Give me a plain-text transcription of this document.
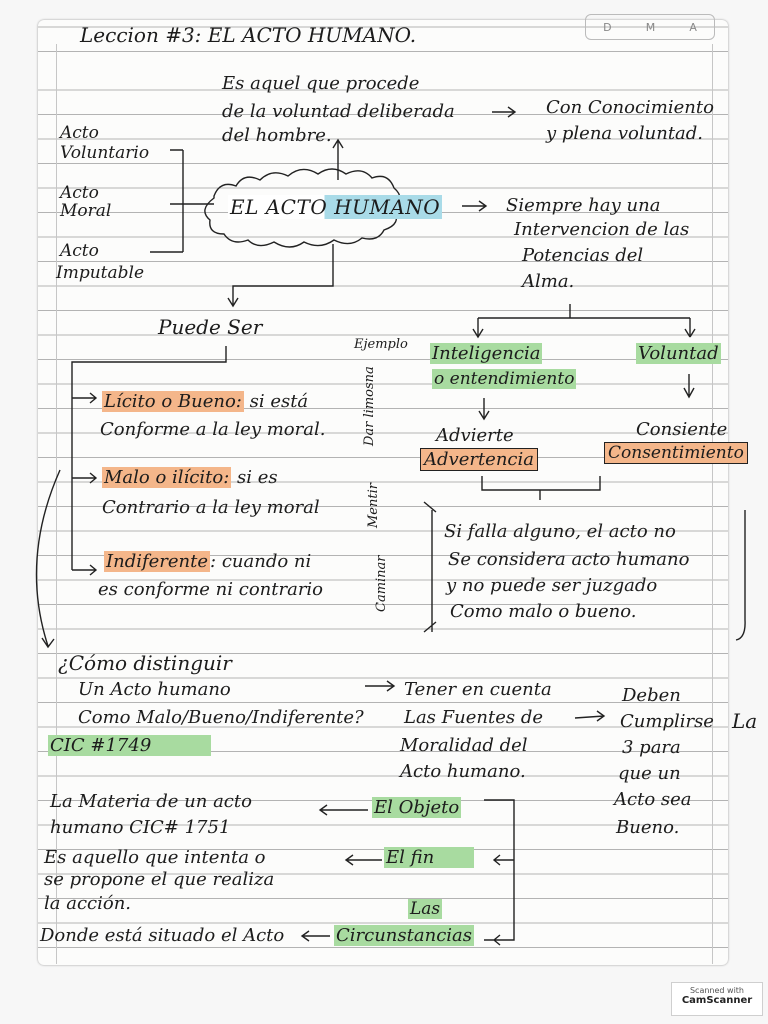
D	M	A
Leccion #3: EL ACTO HUMANO.
Es aquel que procede
de la voluntad deliberada
del hombre.
Con Conocimiento
y plena voluntad.
Acto
Voluntario
Acto
Moral
Acto
Imputable
EL ACTO HUMANO	Siempre hay una
Intervencion de las
Potencias del
Alma.
Puede Ser
Ejemplo
Lícito o Bueno: si está
Conforme a la ley moral.
Malo o ilícito: si es
Contrario a la ley moral
Indiferente : cuando ni
es conforme ni contrario
Dar limosna
Mentir
Caminar
Inteligencia
o entendimiento
Voluntad
Advierte
Advertencia
Consiente
Consentimiento
Si falla alguno, el acto no
Se considera acto humano
y no puede ser juzgado
Como malo o bueno.
¿Cómo distinguir
Un Acto humano
Como Malo/Bueno/Indiferente?
CIC #1749
Tener en cuenta
Las Fuentes de
Moralidad del
Acto humano.
Deben
Cumplirse
3 para
que un
Acto sea
Bueno.
La
La Materia de un acto
humano CIC# 1751
El Objeto
Es aquello que intenta o
se propone el que realiza
la acción.
El fin
Las
Donde está situado el Acto	Circunstancias
Scanned with
CamScanner
